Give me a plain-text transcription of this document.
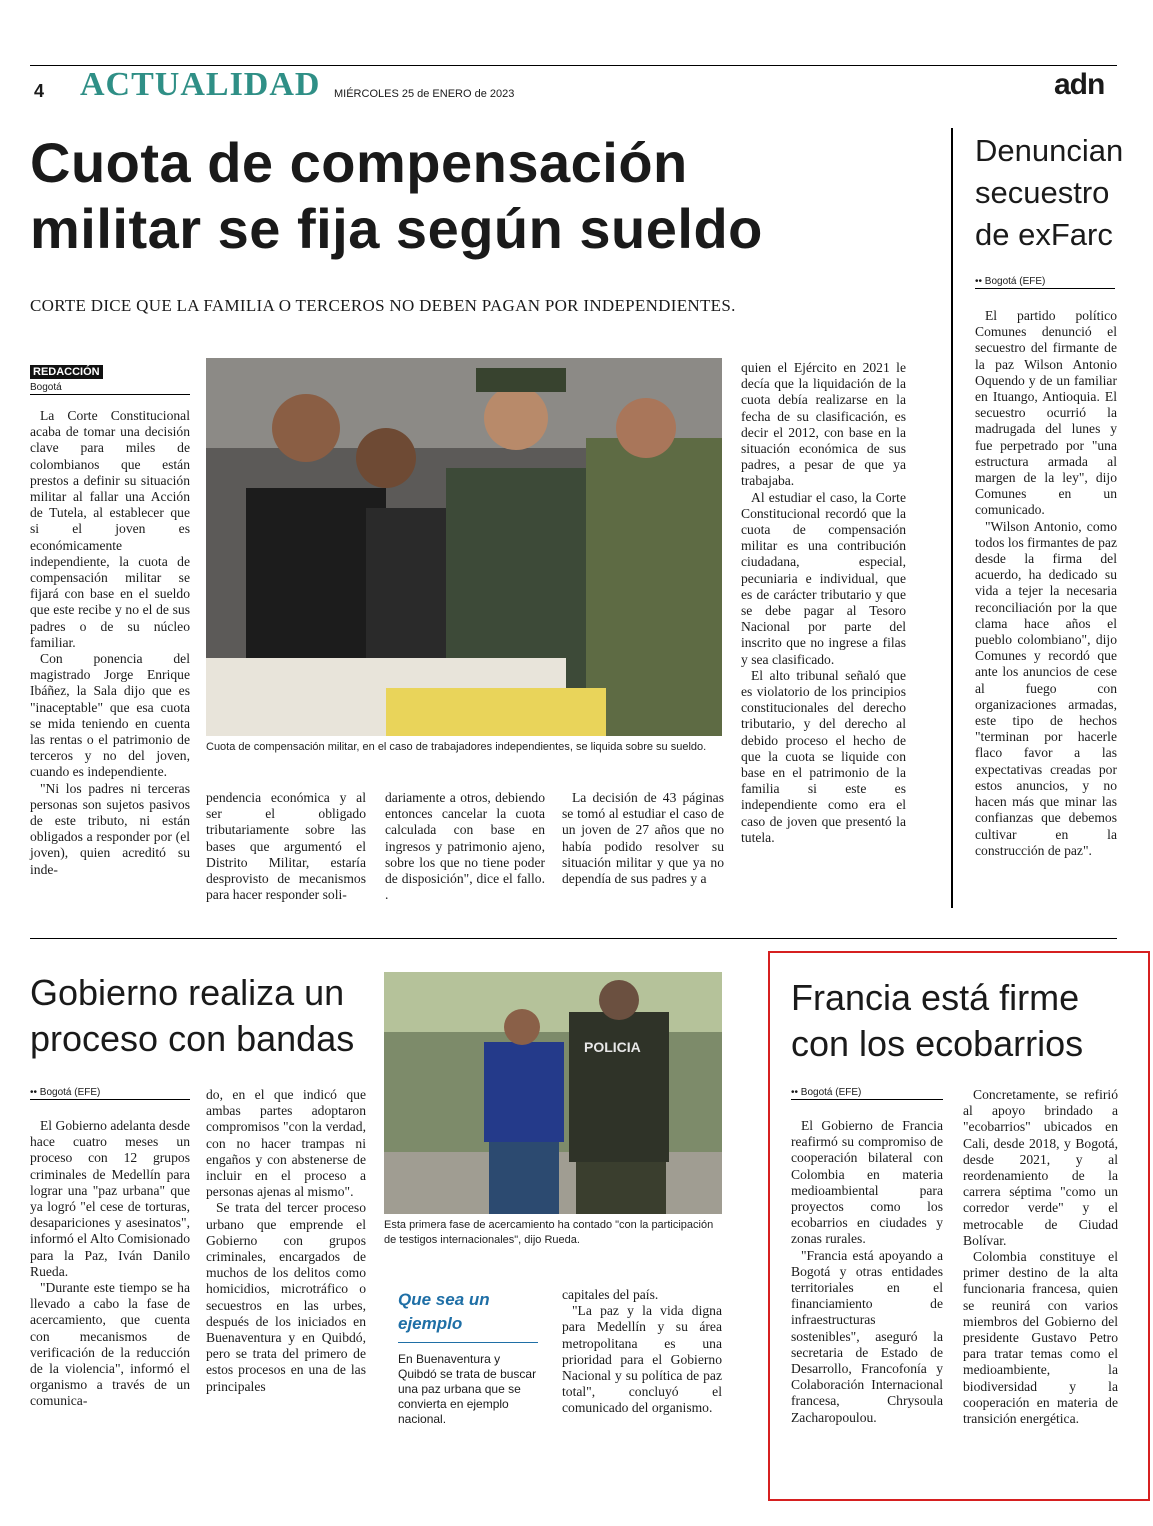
4 ACTUALIDAD MIÉRCOLES 25 de ENERO de 2023	adn
Cuota de compensación
militar se fija según sueldo
CORTE DICE QUE LA FAMILIA O TERCEROS NO DEBEN PAGAN POR INDEPENDIENTES.
REDACCIÓN
Bogotá

La Corte Constitucional acaba de tomar una decisión clave para miles de colombianos que están prestos a definir su situación militar al fallar una Acción de Tutela, al establecer que si el joven es económicamente independiente, la cuota de compensación militar se fijará con base en el sueldo que este recibe y no el de sus padres o de su núcleo familiar.

Con ponencia del magistrado Jorge Enrique Ibáñez, la Sala dijo que es "inaceptable" que esa cuota se mida teniendo en cuenta las rentas o el patrimonio de terceros y no del joven, cuando es independiente.

"Ni los padres ni terceras personas son sujetos pasivos de este tributo, ni están obligados a responder por (el joven), quien acreditó su inde-

Cuota de compensación militar, en el caso de trabajadores independientes, se liquida sobre su sueldo.
pendencia económica y al ser el obligado tributariamente sobre las bases que argumentó el Distrito Militar, estaría desprovisto de mecanismos para hacer responder soli-
dariamente a otros, debiendo entonces cancelar la cuota calculada con base en ingresos y patrimonio ajeno, sobre los que no tiene poder de disposición", dice el fallo. .

La decisión de 43 páginas se tomó al estudiar el caso de un joven de 27 años que no había podido resolver su situación militar y que ya no dependía de sus padres y a

quien el Ejército en 2021 le decía que la liquidación de la cuota debía realizarse en la fecha de su clasificación, es decir el 2012, con base en la situación económica de sus padres, a pesar de que ya trabajaba.

Al estudiar el caso, la Corte Constitucional recordó que la cuota de compensación militar es una contribución ciudadana, especial, pecuniaria e individual, que es de carácter tributario y que se debe pagar al Tesoro Nacional por parte del inscrito que no ingrese a filas y sea clasificado.

El alto tribunal señaló que es violatorio de los principios constitucionales del derecho tributario, y del derecho al debido proceso el hecho de que la cuota se liquide con base en el patrimonio de la familia si este es independiente como era el caso de joven que presentó la tutela.

Denuncian secuestro de exFarc
•• Bogotá (EFE)

El partido político Comunes denunció el secuestro del firmante de la paz Wilson Antonio Oquendo y de un familiar en Ituango, Antioquia. El secuestro ocurrió la madrugada del lunes y fue perpetrado por "una estructura armada al margen de la ley", dijo Comunes en un comunicado.

"Wilson Antonio, como todos los firmantes de paz desde la firma del acuerdo, ha dedicado su vida a tejer la necesaria reconciliación por la que clama hace años el pueblo colombiano", dijo Comunes y recordó que ante los anuncios de cese al fuego con organizaciones armadas, este tipo de hechos "terminan por hacerle flaco favor a las expectativas creadas por estos anuncios, y no hacen más que minar las confianzas que debemos cultivar en la construcción de paz".

Gobierno realiza un proceso con bandas
•• Bogotá (EFE)

El Gobierno adelanta desde hace cuatro meses un proceso con 12 grupos criminales de Medellín para lograr una "paz urbana" que ya logró "el cese de torturas, desapariciones y asesinatos", informó el Alto Comisionado para la Paz, Iván Danilo Rueda.

"Durante este tiempo se ha llevado a cabo la fase de acercamiento, que cuenta con mecanismos de verificación de la reducción de la violencia", informó el organismo a través de un comunica-

do, en el que indicó que ambas partes adoptaron compromisos "con la verdad, con no hacer trampas ni engaños y con abstenerse de incluir en el proceso a personas ajenas al mismo".

Se trata del tercer proceso urbano que emprende el Gobierno con grupos criminales, encargados de muchos de los delitos como homicidios, microtráfico o secuestros en las urbes, después de los iniciados en Buenaventura y en Quibdó, pero se trata del primero de estos procesos en una de las principales

POLICIA
Esta primera fase de acercamiento ha contado "con la participación de testigos internacionales", dijo Rueda.
Que sea un ejemplo
En Buenaventura y Quibdó se trata de buscar una paz urbana que se convierta en ejemplo nacional.
capitales del país.

"La paz y la vida digna para Medellín y su área metropolitana es una prioridad para el Gobierno Nacional y su política de paz total", concluyó el comunicado del organismo.

Francia está firme con los ecobarrios
•• Bogotá (EFE)

El Gobierno de Francia reafirmó su compromiso de cooperación bilateral con Colombia en materia medioambiental para proyectos como los ecobarrios en ciudades y zonas rurales.

"Francia está apoyando a Bogotá y otras entidades territoriales en el financiamiento de infraestructuras sostenibles", aseguró la secretaria de Estado de Desarrollo, Francofonía y Colaboración Internacional francesa, Chrysoula Zacharopoulou.

Concretamente, se refirió al apoyo brindado a "ecobarrios" ubicados en Cali, desde 2018, y Bogotá, desde 2021, y al reordenamiento de la carrera séptima "como un corredor verde" y el metrocable de Ciudad Bolívar.

Colombia constituye el primer destino de la alta funcionaria francesa, quien se reunirá con varios miembros del Gobierno del presidente Gustavo Petro para tratar temas como el medioambiente, la biodiversidad y la cooperación en materia de transición energética.
